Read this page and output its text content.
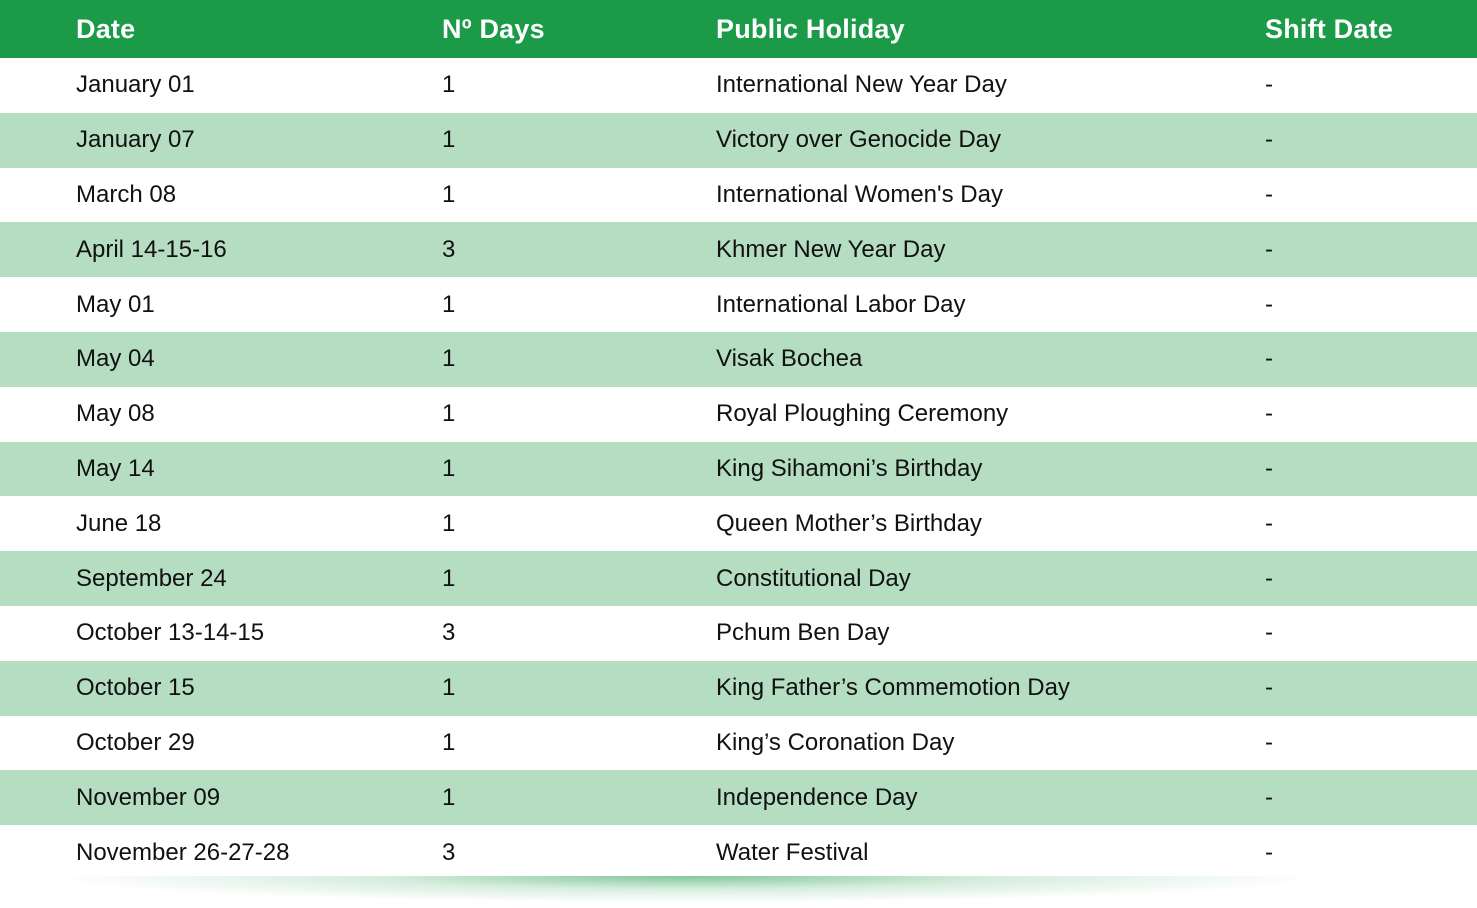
Date	Nº Days	Public Holiday	Shift Date
January 01	1	International New Year Day	-
January 07	1	Victory over Genocide Day	-
March 08	1	International Women's Day	-
April 14-15-16	3	Khmer New Year Day	-
May 01	1	International Labor Day	-
May 04	1	Visak Bochea	-
May 08	1	Royal Ploughing Ceremony	-
May 14	1	King Sihamoni’s Birthday	-
June 18	1	Queen Mother’s Birthday	-
September 24	1	Constitutional Day	-
October 13-14-15	3	Pchum Ben Day	-
October 15	1	King Father’s Commemotion Day	-
October 29	1	King’s Coronation Day	-
November 09	1	Independence Day	-
November 26-27-28	3	Water Festival	-
